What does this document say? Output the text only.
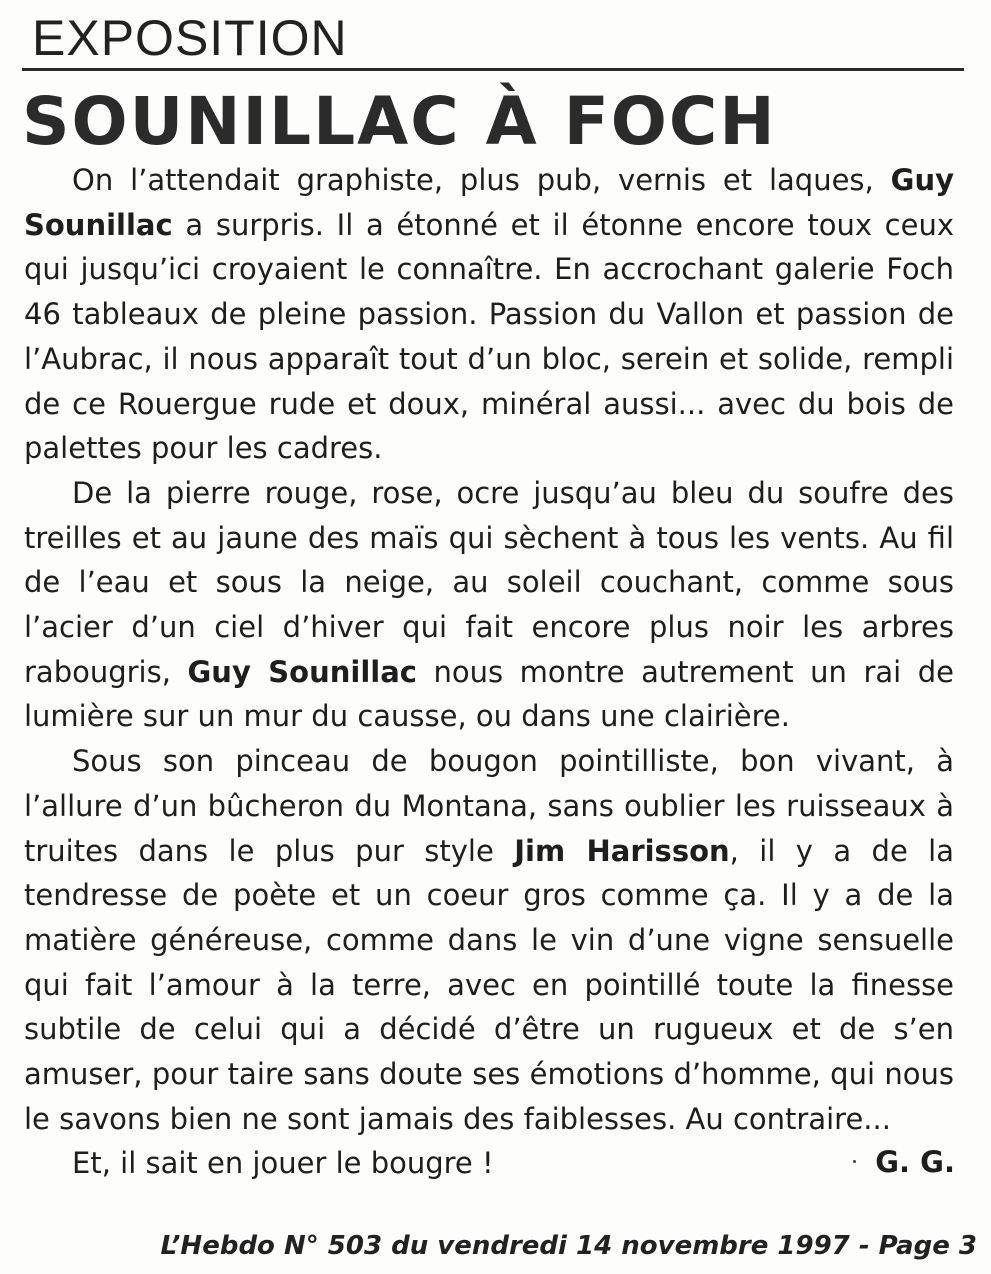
EXPOSITION
SOUNILLAC À FOCH

On l’attendait graphiste, plus pub, vernis et laques, Guy Sounillac a surpris. Il a étonné et il étonne encore toux ceux qui jusqu’ici croyaient le connaître. En accrochant galerie Foch 46 tableaux de pleine passion. Passion du Vallon et passion de l’Aubrac, il nous apparaît tout d’un bloc, serein et solide, rempli de ce Rouergue rude et doux, minéral aussi... avec du bois de palettes pour les cadres.

De la pierre rouge, rose, ocre jusqu’au bleu du soufre des treilles et au jaune des maïs qui sèchent à tous les vents. Au fil de l’eau et sous la neige, au soleil couchant, comme sous l’acier d’un ciel d’hiver qui fait encore plus noir les arbres rabougris, Guy Sounillac nous montre autrement un rai de lumière sur un mur du causse, ou dans une clairière.

Sous son pinceau de bougon pointilliste, bon vivant, à l’allure d’un bûcheron du Montana, sans oublier les ruisseaux à truites dans le plus pur style Jim Harisson, il y a de la tendresse de poète et un coeur gros comme ça. Il y a de la matière généreuse, comme dans le vin d’une vigne sensuelle qui fait l’amour à la terre, avec en pointillé toute la finesse subtile de celui qui a décidé d’être un rugueux et de s’en amuser, pour taire sans doute ses émotions d’homme, qui nous le savons bien ne sont jamais des faiblesses. Au contraire...

Et, il sait en jouer le bougre !	G. G.
L’Hebdo N° 503 du vendredi 14 novembre 1997 - Page 3
